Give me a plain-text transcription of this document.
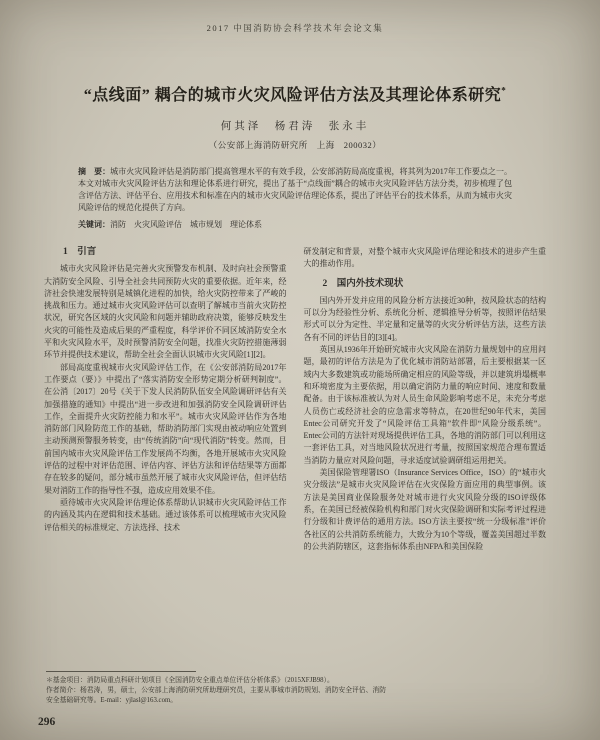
2017 中国消防协会科学技术年会论文集
“点线面” 耦合的城市火灾风险评估方法及其理论体系研究*
何其泽　杨君涛　张永丰
（公安部上海消防研究所　上海　200032）
摘　要：城市火灾风险评估是消防部门提高管理水平的有效手段，公安部消防局高度重视，将其列为2017年工作要点之一。本文对城市火灾风险评估方法和理论体系进行研究，提出了基于“点线面”耦合的城市火灾风险评估方法分类，初步梳理了包含评估方法、评估平台、应用技术和标准在内的城市火灾风险评估理论体系，提出了评估平台的技术体系，从而为城市火灾风险评估的规范化提供了方向。
关键词：消防　火灾风险评估　城市规划　理论体系

1　引言

城市火灾风险评估是完善火灾预警发布机制、及时向社会预警重大消防安全风险、引导全社会共同预防火灾的重要依据。近年来，经济社会快速发展特别是城镇化进程的加快，给火灾防控带来了严峻的挑战和压力。通过城市火灾风险评估可以查明了解城市当前火灾防控状况，研究各区域的火灾风险和问题并辅助政府决策，能够反映发生火灾的可能性及造成后果的严重程度，科学评价不同区域消防安全水平和火灾风险水平，及时预警消防安全问题，找准火灾防控措施薄弱环节并提供技术建议，帮助全社会全面认识城市火灾风险[1][2]。

部局高度重视城市火灾风险评估工作，在《公安部消防局2017年工作要点（要）》中提出了“落实消防安全形势定期分析研判制度”。在公消〔2017〕20号《关于下发人民消防队伍安全风险调研评估有关加强措施的通知》中提出“进一步改进和加强消防安全风险调研评估工作，全面提升火灾防控能力和水平”。城市火灾风险评估作为各地消防部门风险防范工作的基础，帮助消防部门实现由被动响应处置到主动预测预警服务转变，由“传统消防”向“现代消防”转变。然而，目前国内城市火灾风险评估工作发展尚不均衡，各地开展城市火灾风险评估的过程中对评估范围、评估内容、评估方法和评估结果等方面都存在较多的疑问，部分城市虽然开展了城市火灾风险评估，但评估结果对消防工作的指导性不强，造成应用效果不佳。

亟待城市火灾风险评估理论体系帮助认识城市火灾风险评估工作的内涵及其内在逻辑和技术基础。通过该体系可以梳理城市火灾风险评估相关的标准规定、方法选择、技术

研发制定和背景，对整个城市火灾风险评估理论和技术的进步产生重大的推动作用。

2　国内外技术现状

国内外开发并应用的风险分析方法接近30种，按风险状态的结构可以分为经验性分析、系统化分析、逻辑推导分析等，按照评估结果形式可以分为定性、半定量和定量等的火灾分析评估方法，这些方法各有不同的评估目的[3][4]。

英国从1936年开始研究城市火灾风险在消防力量规划中的应用问题，最初的评估方法是为了优化城市消防站部署，后主要根据某一区域内大多数建筑或功能场所确定相应的风险等级，并以建筑坍塌概率和环境密度为主要依据，用以确定消防力量的响应时间、速度和数量配备。由于该标准被认为对人员生命风险影响考虑不足，未充分考虑人员伤亡或经济社会的应急需求等特点，在20世纪90年代末，美国Entec公司研究开发了“风险评估工具箱”软件即“风险分级系统”。Entec公司的方法针对现场提供评估工具，各地的消防部门可以利用这一套评估工具，对当地风险状况进行考量，按照国家规范合理布置适当消防力量应对风险问题，寻求适度试验调研组运用把关。

美国保险管理署ISO（Insurance Services Office，ISO）的“城市火灾分级法”是城市火灾风险评估在火灾保险方面应用的典型事例。该方法是美国商业保险服务处对城市进行火灾风险分级的ISO评级体系，在美国已经被保险机构和部门对火灾保险调研和实际考评过程进行分级和计费评估的通用方法。ISO方法主要按“统一分级标准”评价各社区的公共消防系统能力，大致分为10个等级，覆盖美国超过半数的公共消防辖区，这套指标体系由NFPA和美国保险

＊基金项目：消防局重点科研计划项目《全国消防安全重点单位评估分析体系》（2015XFJB98）。

作者简介：杨君涛，男，硕士，公安部上海消防研究所助理研究员，主要从事城市消防规划、消防安全评估、消防安全基础研究等。E-mail：yjlasl@163.com。

296
